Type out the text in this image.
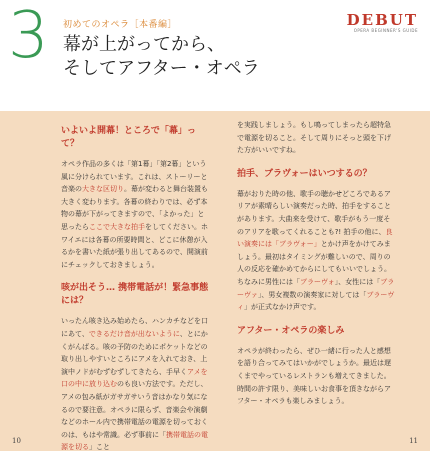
3 初めてのオペラ［本番編］
幕が上がってから、
そしてアフター・オペラ
DEBUT
OPERA BEGINNER'S GUIDE
いよいよ開幕！ところで「幕」って？

オペラ作品の多くは「第1幕」「第2幕」という風に分けられています。これは、ストーリーと音楽の大きな区切り。幕が変わると舞台装置も大きく変わります。各幕の終わりでは、必ず本物の幕が下がってきますので、「よかった」と思ったらここで大きな拍手をしてください。ホワイエには各幕の所要時間と、どこに休憩が入るかを書いた紙が張り出してあるので、開演前にチェックしておきましょう。

咳が出そう… 携帯電話が！緊急事態には？

いったん咳き込み始めたら、ハンカチなどを口にあて、できるだけ音が出ないように、とにかくがんばる。咳の予防のためにポケットなどの取り出しやすいところにアメを入れておき、上演中ノドがむずむずしてきたら、手早くアメを口の中に放り込むのも良い方法です。ただし、アメの包み紙がガサガサいう音はかなり気になるので要注意。オペラに限らず、音楽会や演劇などのホール内で携帯電話の電源を切っておくのは、もはや常識。必ず事前に「携帯電話の電源を切る」こと

を実践しましょう。もし鳴ってしまったら超特急で電源を切ること。そして周りにそっと頭を下げた方がいいですね。

拍手、ブラヴォーはいつするの？

幕がおりた時の他、歌手の聴かせどころであるアリアが素晴らしい演奏だった時、拍手をすることがあります。大曲来を受けて、歌手がもう一度そのアリアを歌ってくれることも?! 拍手の他に、良い演奏には「ブラヴォー」とかけ声をかけてみましょう。最初はタイミングが難しいので、周りの人の反応を確かめてからにしてもいいでしょう。ちなみに男性には「ブラーヴォ」、女性には「ブラーヴァ」、男女複数の演奏家に対しては「ブラーヴィ」が正式なかけ声です。

アフター・オペラの楽しみ

オペラが終わったら、ぜひ一緒に行った人と感想を語り合ってみてはいかがでしょうか。最近は遅くまでやっているレストランも増えてきました。時間の許す限り、美味しいお食事を頂きながらアフター・オペラも楽しみましょう。

10	11
